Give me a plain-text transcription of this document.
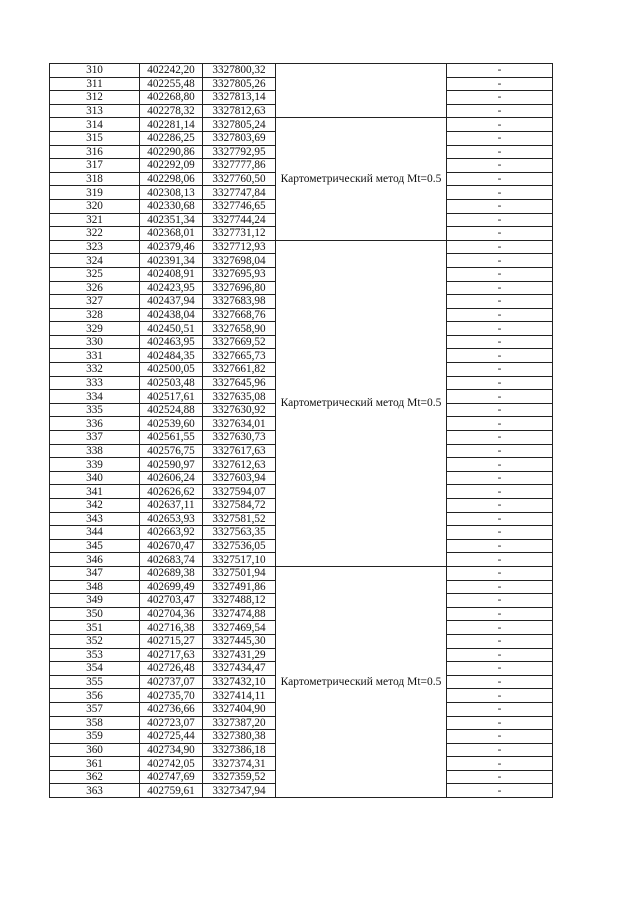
310	402242,20	3327800,32		-
311	402255,48	3327805,26		-
312	402268,80	3327813,14		-
313	402278,32	3327812,63		-
314	402281,14	3327805,24	Картометрический метод Mt=0.5	-
315	402286,25	3327803,69		-
316	402290,86	3327792,95		-
317	402292,09	3327777,86		-
318	402298,06	3327760,50		-
319	402308,13	3327747,84		-
320	402330,68	3327746,65		-
321	402351,34	3327744,24		-
322	402368,01	3327731,12		-
323	402379,46	3327712,93	Картометрический метод Mt=0.5	-
324	402391,34	3327698,04		-
325	402408,91	3327695,93		-
326	402423,95	3327696,80		-
327	402437,94	3327683,98		-
328	402438,04	3327668,76		-
329	402450,51	3327658,90		-
330	402463,95	3327669,52		-
331	402484,35	3327665,73		-
332	402500,05	3327661,82		-
333	402503,48	3327645,96		-
334	402517,61	3327635,08		-
335	402524,88	3327630,92		-
336	402539,60	3327634,01		-
337	402561,55	3327630,73		-
338	402576,75	3327617,63		-
339	402590,97	3327612,63		-
340	402606,24	3327603,94		-
341	402626,62	3327594,07		-
342	402637,11	3327584,72		-
343	402653,93	3327581,52		-
344	402663,92	3327563,35		-
345	402670,47	3327536,05		-
346	402683,74	3327517,10		-
347	402689,38	3327501,94	Картометрический метод Mt=0.5	-
348	402699,49	3327491,86		-
349	402703,47	3327488,12		-
350	402704,36	3327474,88		-
351	402716,38	3327469,54		-
352	402715,27	3327445,30		-
353	402717,63	3327431,29		-
354	402726,48	3327434,47		-
355	402737,07	3327432,10		-
356	402735,70	3327414,11		-
357	402736,66	3327404,90		-
358	402723,07	3327387,20		-
359	402725,44	3327380,38		-
360	402734,90	3327386,18		-
361	402742,05	3327374,31		-
362	402747,69	3327359,52		-
363	402759,61	3327347,94		-
